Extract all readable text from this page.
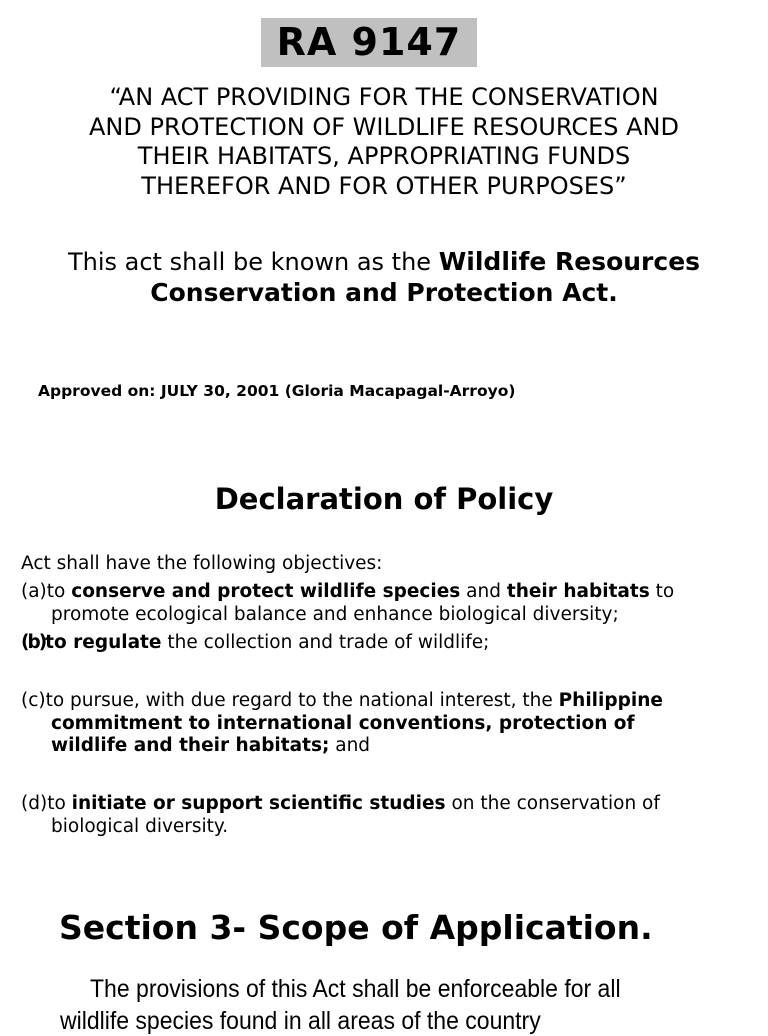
RA 9147
“AN ACT PROVIDING FOR THE CONSERVATION
AND PROTECTION OF WILDLIFE RESOURCES AND
THEIR HABITATS, APPROPRIATING FUNDS
THEREFOR AND FOR OTHER PURPOSES”
This act shall be known as the Wildlife Resources
Conservation and Protection Act.
Approved on: JULY 30, 2001 (Gloria Macapagal-Arroyo)
Declaration of Policy
Act shall have the following objectives:
(a)to conserve and protect wildlife species and their habitats to
promote ecological balance and enhance biological diversity;
(b)to regulate the collection and trade of wildlife;
(c)to pursue, with due regard to the national interest, the Philippine
commitment to international conventions, protection of
wildlife and their habitats; and
(d)to initiate or support scientific studies on the conservation of
biological diversity.
Section 3- Scope of Application.
The provisions of this Act shall be enforceable for all
wildlife species found in all areas of the country
